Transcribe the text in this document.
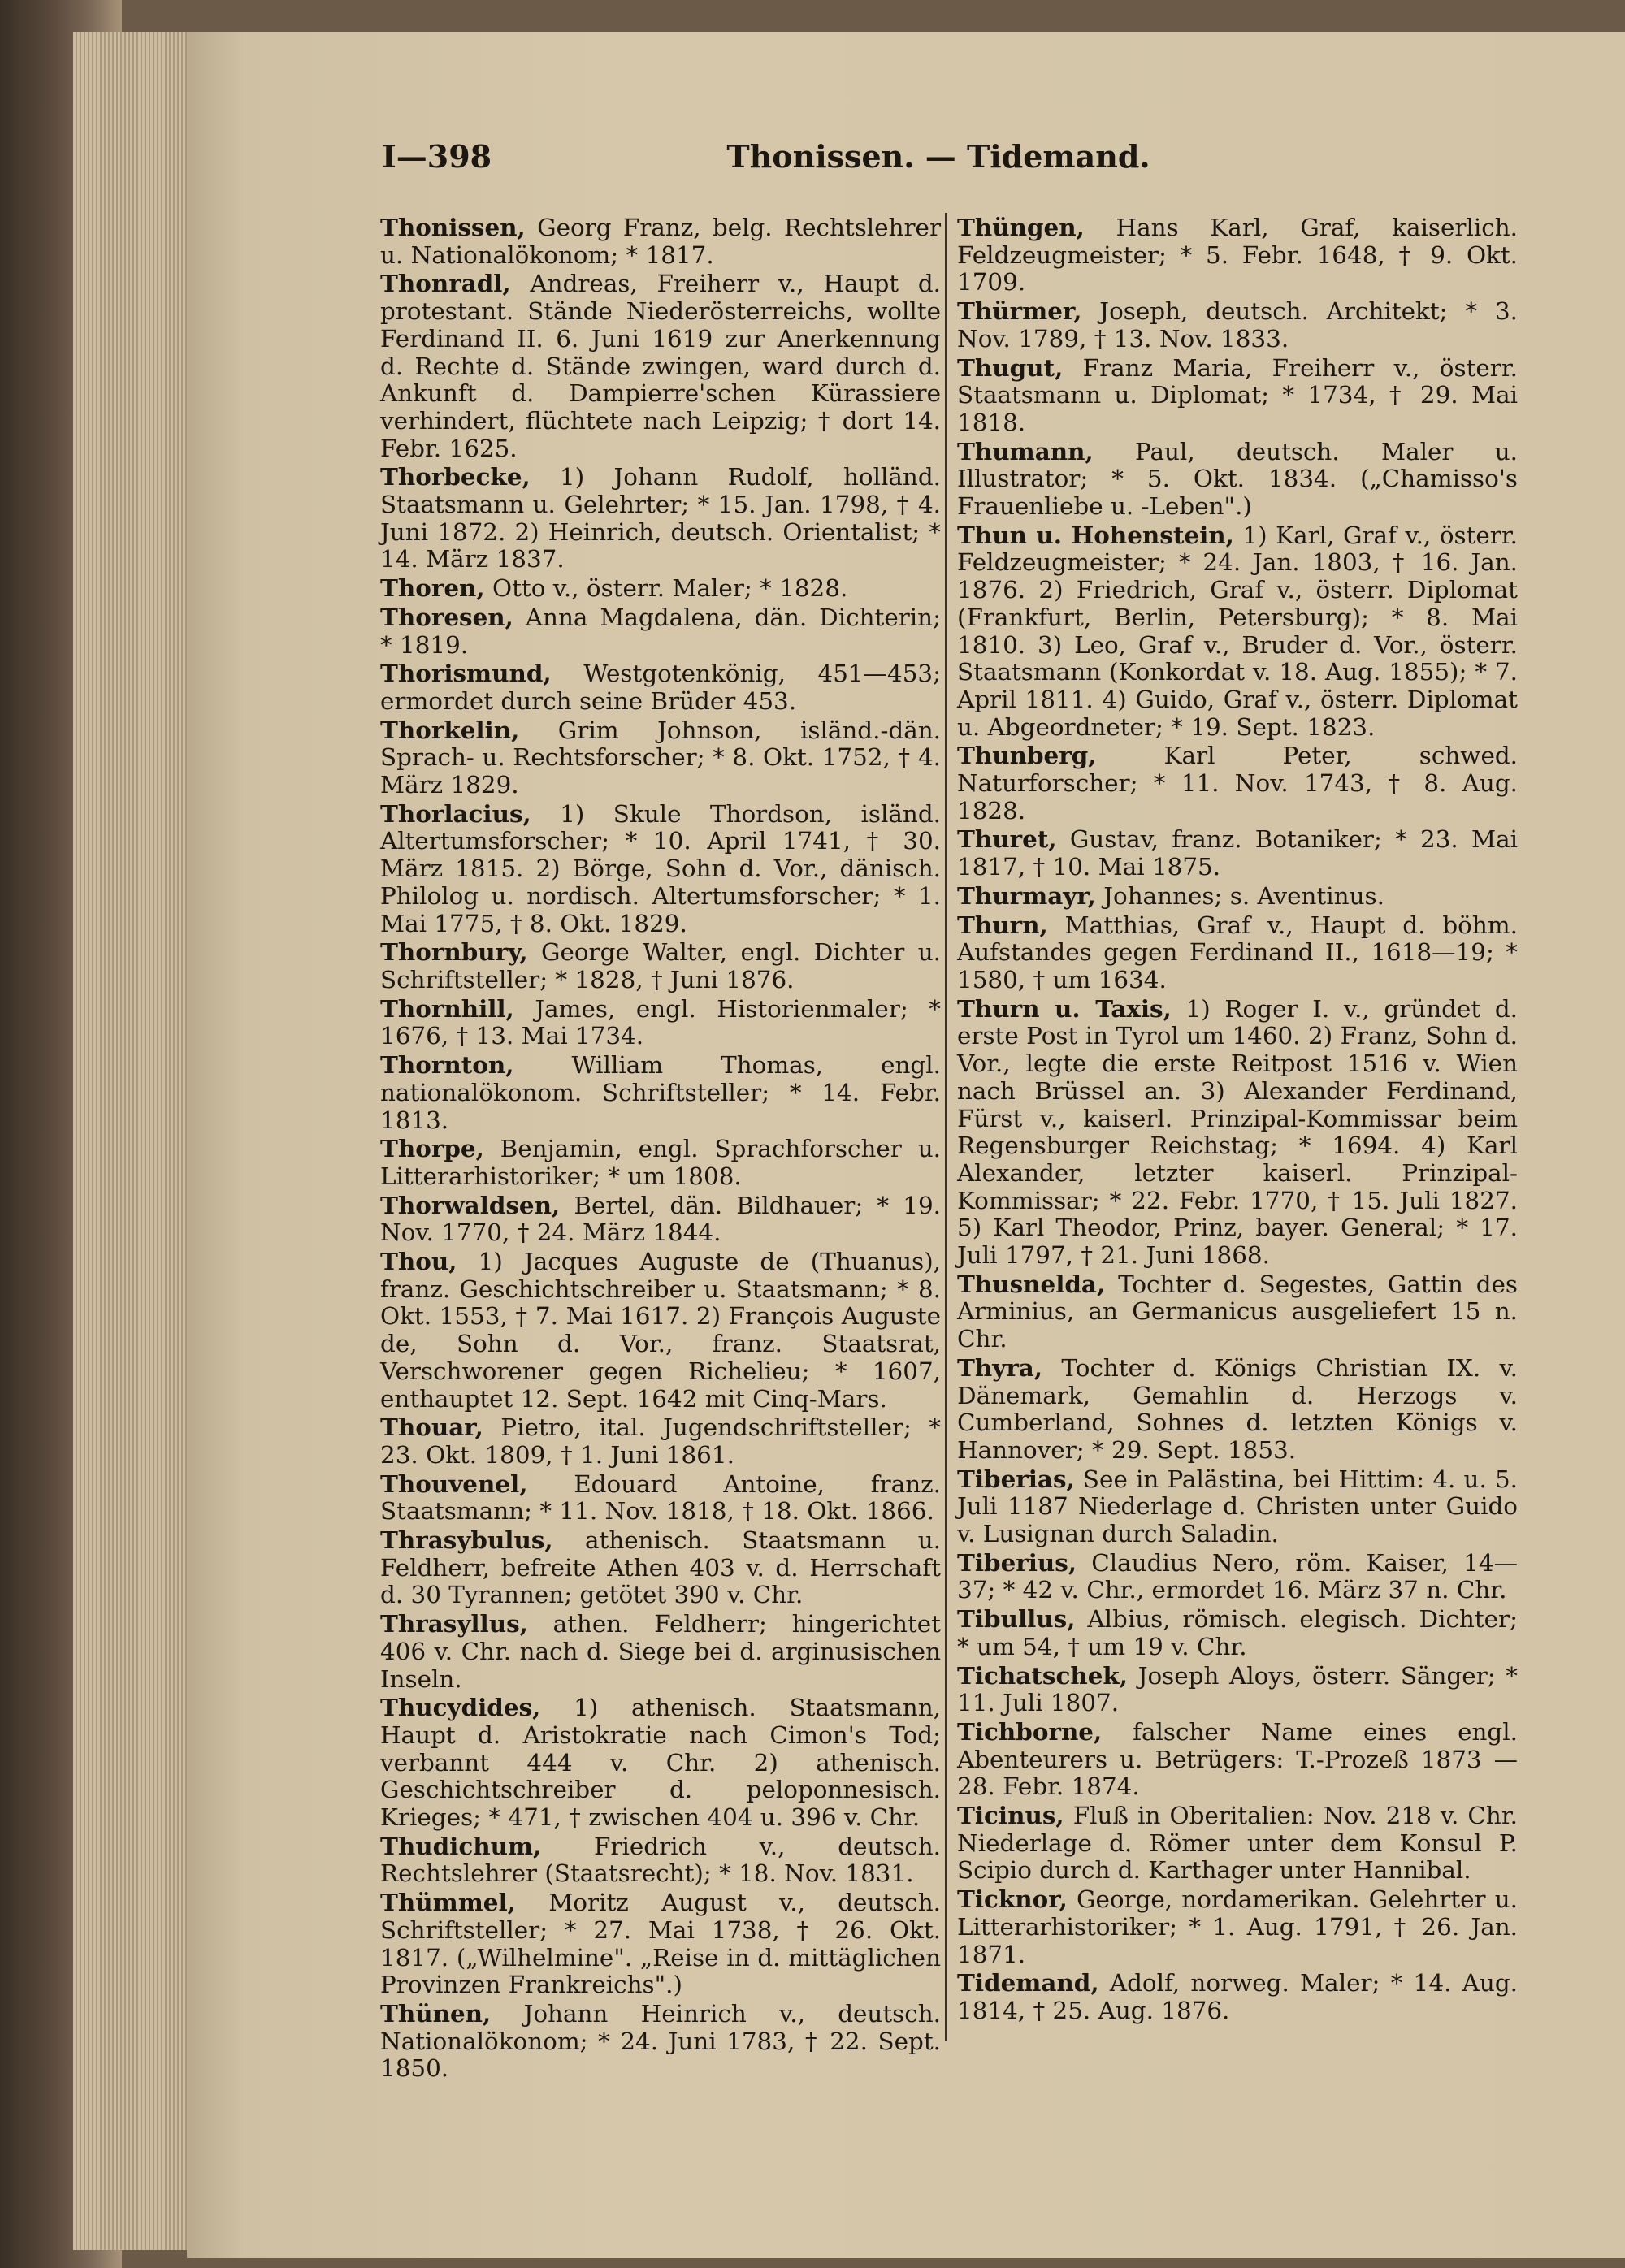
I—398	Thonissen. — Tidemand.

Thonissen, Georg Franz, belg. Rechtslehrer u. Nationalökonom; * 1817.

Thonradl, Andreas, Freiherr v., Haupt d. protestant. Stände Niederösterreichs, wollte Ferdinand II. 6. Juni 1619 zur Anerkennung d. Rechte d. Stände zwingen, ward durch d. Ankunft d. Dampierre'schen Kürassiere verhindert, flüchtete nach Leipzig; † dort 14. Febr. 1625.

Thorbecke, 1) Johann Rudolf, holländ. Staatsmann u. Gelehrter; * 15. Jan. 1798, † 4. Juni 1872. 2) Heinrich, deutsch. Orientalist; * 14. März 1837.

Thoren, Otto v., österr. Maler; * 1828.

Thoresen, Anna Magdalena, dän. Dichterin; * 1819.

Thorismund, Westgotenkönig, 451—453; ermordet durch seine Brüder 453.

Thorkelin, Grim Johnson, isländ.-dän. Sprach- u. Rechtsforscher; * 8. Okt. 1752, † 4. März 1829.

Thorlacius, 1) Skule Thordson, isländ. Altertumsforscher; * 10. April 1741, † 30. März 1815. 2) Börge, Sohn d. Vor., dänisch. Philolog u. nordisch. Altertumsforscher; * 1. Mai 1775, † 8. Okt. 1829.

Thornbury, George Walter, engl. Dichter u. Schriftsteller; * 1828, † Juni 1876.

Thornhill, James, engl. Historienmaler; * 1676, † 13. Mai 1734.

Thornton, William Thomas, engl. nationalökonom. Schriftsteller; * 14. Febr. 1813.

Thorpe, Benjamin, engl. Sprachforscher u. Litterarhistoriker; * um 1808.

Thorwaldsen, Bertel, dän. Bildhauer; * 19. Nov. 1770, † 24. März 1844.

Thou, 1) Jacques Auguste de (Thuanus), franz. Geschichtschreiber u. Staatsmann; * 8. Okt. 1553, † 7. Mai 1617. 2) François Auguste de, Sohn d. Vor., franz. Staatsrat, Verschworener gegen Richelieu; * 1607, enthauptet 12. Sept. 1642 mit Cinq-Mars.

Thouar, Pietro, ital. Jugendschriftsteller; * 23. Okt. 1809, † 1. Juni 1861.

Thouvenel, Edouard Antoine, franz. Staatsmann; * 11. Nov. 1818, † 18. Okt. 1866.

Thrasybulus, athenisch. Staatsmann u. Feldherr, befreite Athen 403 v. d. Herrschaft d. 30 Tyrannen; getötet 390 v. Chr.

Thrasyllus, athen. Feldherr; hingerichtet 406 v. Chr. nach d. Siege bei d. arginusischen Inseln.

Thucydides, 1) athenisch. Staatsmann, Haupt d. Aristokratie nach Cimon's Tod; verbannt 444 v. Chr. 2) athenisch. Geschichtschreiber d. peloponnesisch. Krieges; * 471, † zwischen 404 u. 396 v. Chr.

Thudichum, Friedrich v., deutsch. Rechtslehrer (Staatsrecht); * 18. Nov. 1831.

Thümmel, Moritz August v., deutsch. Schriftsteller; * 27. Mai 1738, † 26. Okt. 1817. („Wilhelmine". „Reise in d. mittäglichen Provinzen Frankreichs".)

Thünen, Johann Heinrich v., deutsch. Nationalökonom; * 24. Juni 1783, † 22. Sept. 1850.

Thüngen, Hans Karl, Graf, kaiserlich. Feldzeugmeister; * 5. Febr. 1648, † 9. Okt. 1709.

Thürmer, Joseph, deutsch. Architekt; * 3. Nov. 1789, † 13. Nov. 1833.

Thugut, Franz Maria, Freiherr v., österr. Staatsmann u. Diplomat; * 1734, † 29. Mai 1818.

Thumann, Paul, deutsch. Maler u. Illustrator; * 5. Okt. 1834. („Chamisso's Frauenliebe u. -Leben".)

Thun u. Hohenstein, 1) Karl, Graf v., österr. Feldzeugmeister; * 24. Jan. 1803, † 16. Jan. 1876. 2) Friedrich, Graf v., österr. Diplomat (Frankfurt, Berlin, Petersburg); * 8. Mai 1810. 3) Leo, Graf v., Bruder d. Vor., österr. Staatsmann (Konkordat v. 18. Aug. 1855); * 7. April 1811. 4) Guido, Graf v., österr. Diplomat u. Abgeordneter; * 19. Sept. 1823.

Thunberg, Karl Peter, schwed. Naturforscher; * 11. Nov. 1743, † 8. Aug. 1828.

Thuret, Gustav, franz. Botaniker; * 23. Mai 1817, † 10. Mai 1875.

Thurmayr, Johannes; s. Aventinus.

Thurn, Matthias, Graf v., Haupt d. böhm. Aufstandes gegen Ferdinand II., 1618—19; * 1580, † um 1634.

Thurn u. Taxis, 1) Roger I. v., gründet d. erste Post in Tyrol um 1460. 2) Franz, Sohn d. Vor., legte die erste Reitpost 1516 v. Wien nach Brüssel an. 3) Alexander Ferdinand, Fürst v., kaiserl. Prinzipal-Kommissar beim Regensburger Reichstag; * 1694. 4) Karl Alexander, letzter kaiserl. Prinzipal-Kommissar; * 22. Febr. 1770, † 15. Juli 1827. 5) Karl Theodor, Prinz, bayer. General; * 17. Juli 1797, † 21. Juni 1868.

Thusnelda, Tochter d. Segestes, Gattin des Arminius, an Germanicus ausgeliefert 15 n. Chr.

Thyra, Tochter d. Königs Christian IX. v. Dänemark, Gemahlin d. Herzogs v. Cumberland, Sohnes d. letzten Königs v. Hannover; * 29. Sept. 1853.

Tiberias, See in Palästina, bei Hittim: 4. u. 5. Juli 1187 Niederlage d. Christen unter Guido v. Lusignan durch Saladin.

Tiberius, Claudius Nero, röm. Kaiser, 14—37; * 42 v. Chr., ermordet 16. März 37 n. Chr.

Tibullus, Albius, römisch. elegisch. Dichter; * um 54, † um 19 v. Chr.

Tichatschek, Joseph Aloys, österr. Sänger; * 11. Juli 1807.

Tichborne, falscher Name eines engl. Abenteurers u. Betrügers: T.-Prozeß 1873 — 28. Febr. 1874.

Ticinus, Fluß in Oberitalien: Nov. 218 v. Chr. Niederlage d. Römer unter dem Konsul P. Scipio durch d. Karthager unter Hannibal.

Ticknor, George, nordamerikan. Gelehrter u. Litterarhistoriker; * 1. Aug. 1791, † 26. Jan. 1871.

Tidemand, Adolf, norweg. Maler; * 14. Aug. 1814, † 25. Aug. 1876.
